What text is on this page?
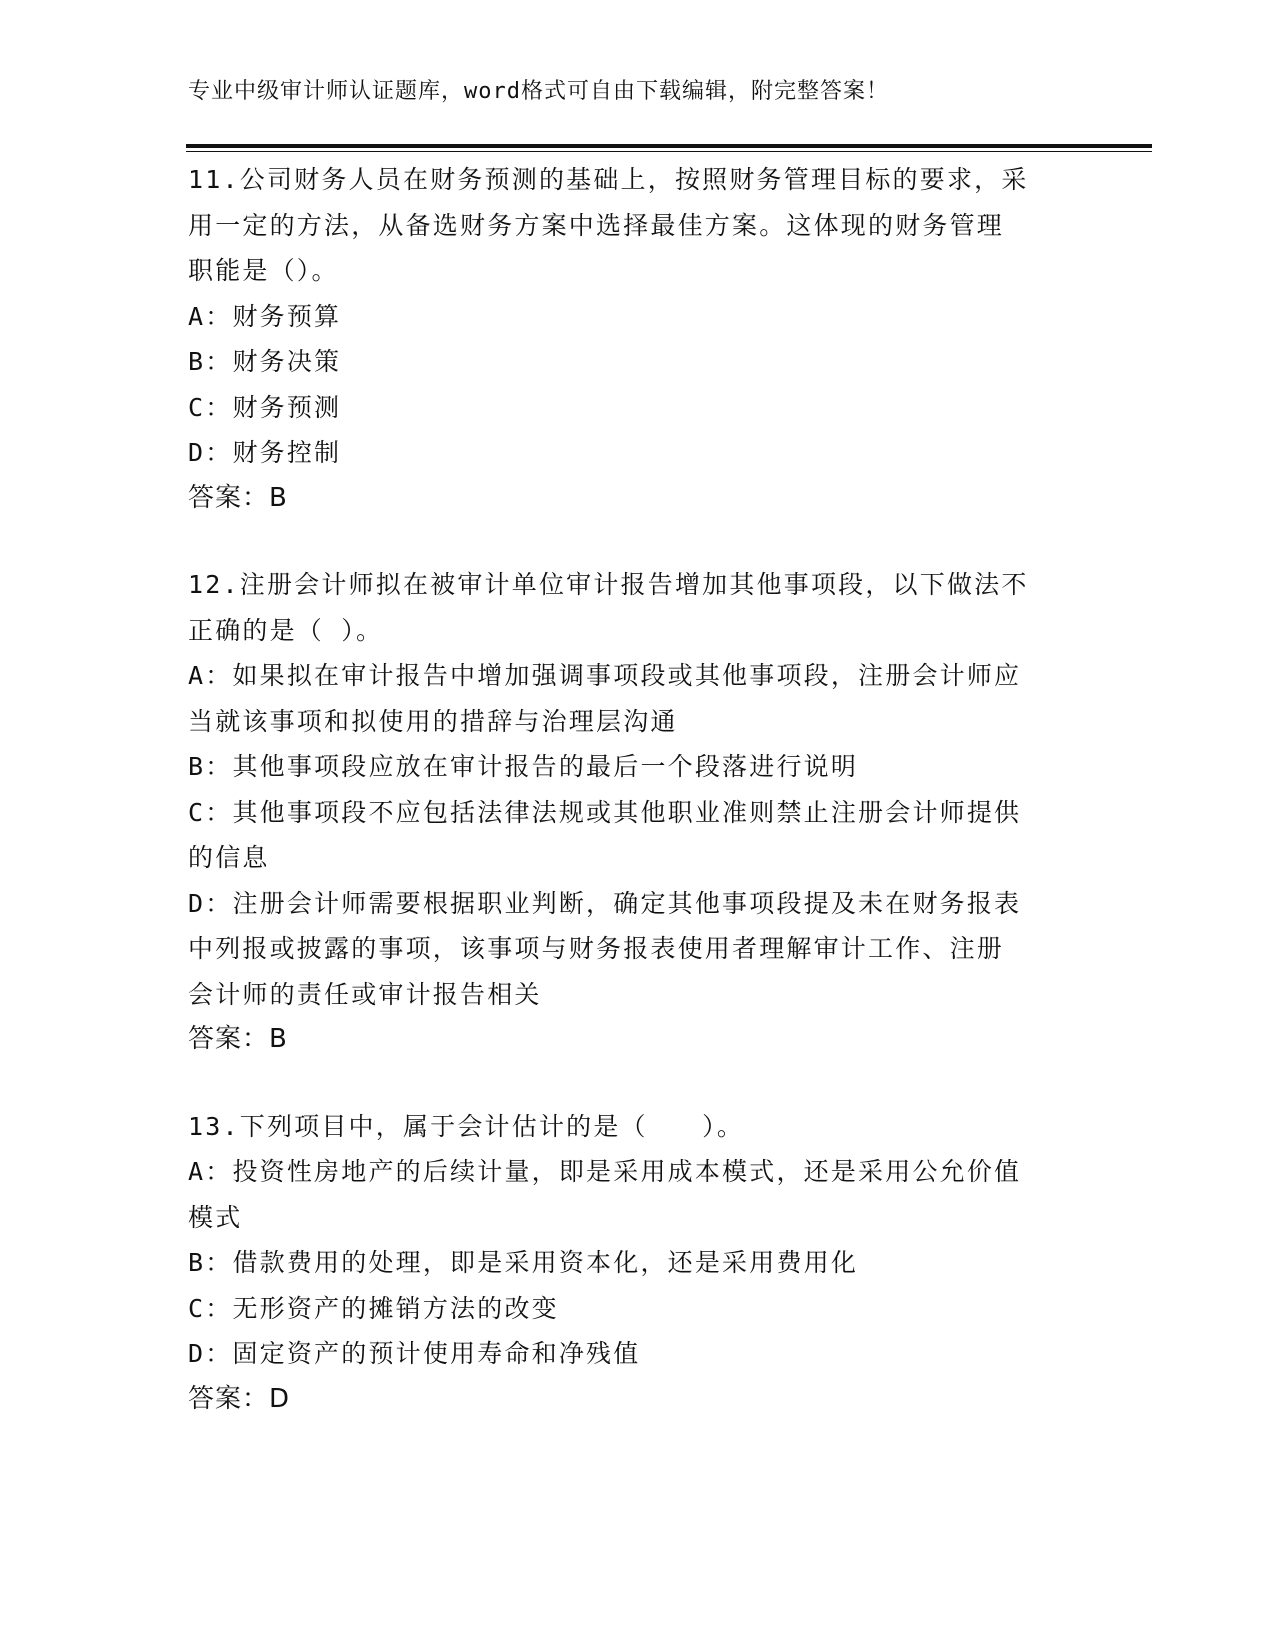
专业中级审计师认证题库，word格式可自由下载编辑，附完整答案！
11.公司财务人员在财务预测的基础上，按照财务管理目标的要求，采
用一定的方法，从备选财务方案中选择最佳方案。这体现的财务管理
职能是（）。
A：财务预算
B：财务决策
C：财务预测
D：财务控制
答案：B
12.注册会计师拟在被审计单位审计报告增加其他事项段，以下做法不
正确的是（ ）。
A：如果拟在审计报告中增加强调事项段或其他事项段，注册会计师应
当就该事项和拟使用的措辞与治理层沟通
B：其他事项段应放在审计报告的最后一个段落进行说明
C：其他事项段不应包括法律法规或其他职业准则禁止注册会计师提供
的信息
D：注册会计师需要根据职业判断，确定其他事项段提及未在财务报表
中列报或披露的事项，该事项与财务报表使用者理解审计工作、注册
会计师的责任或审计报告相关
答案：B
13.下列项目中，属于会计估计的是（　　）。
A：投资性房地产的后续计量，即是采用成本模式，还是采用公允价值
模式
B：借款费用的处理，即是采用资本化，还是采用费用化
C：无形资产的摊销方法的改变
D：固定资产的预计使用寿命和净残值
答案：D
